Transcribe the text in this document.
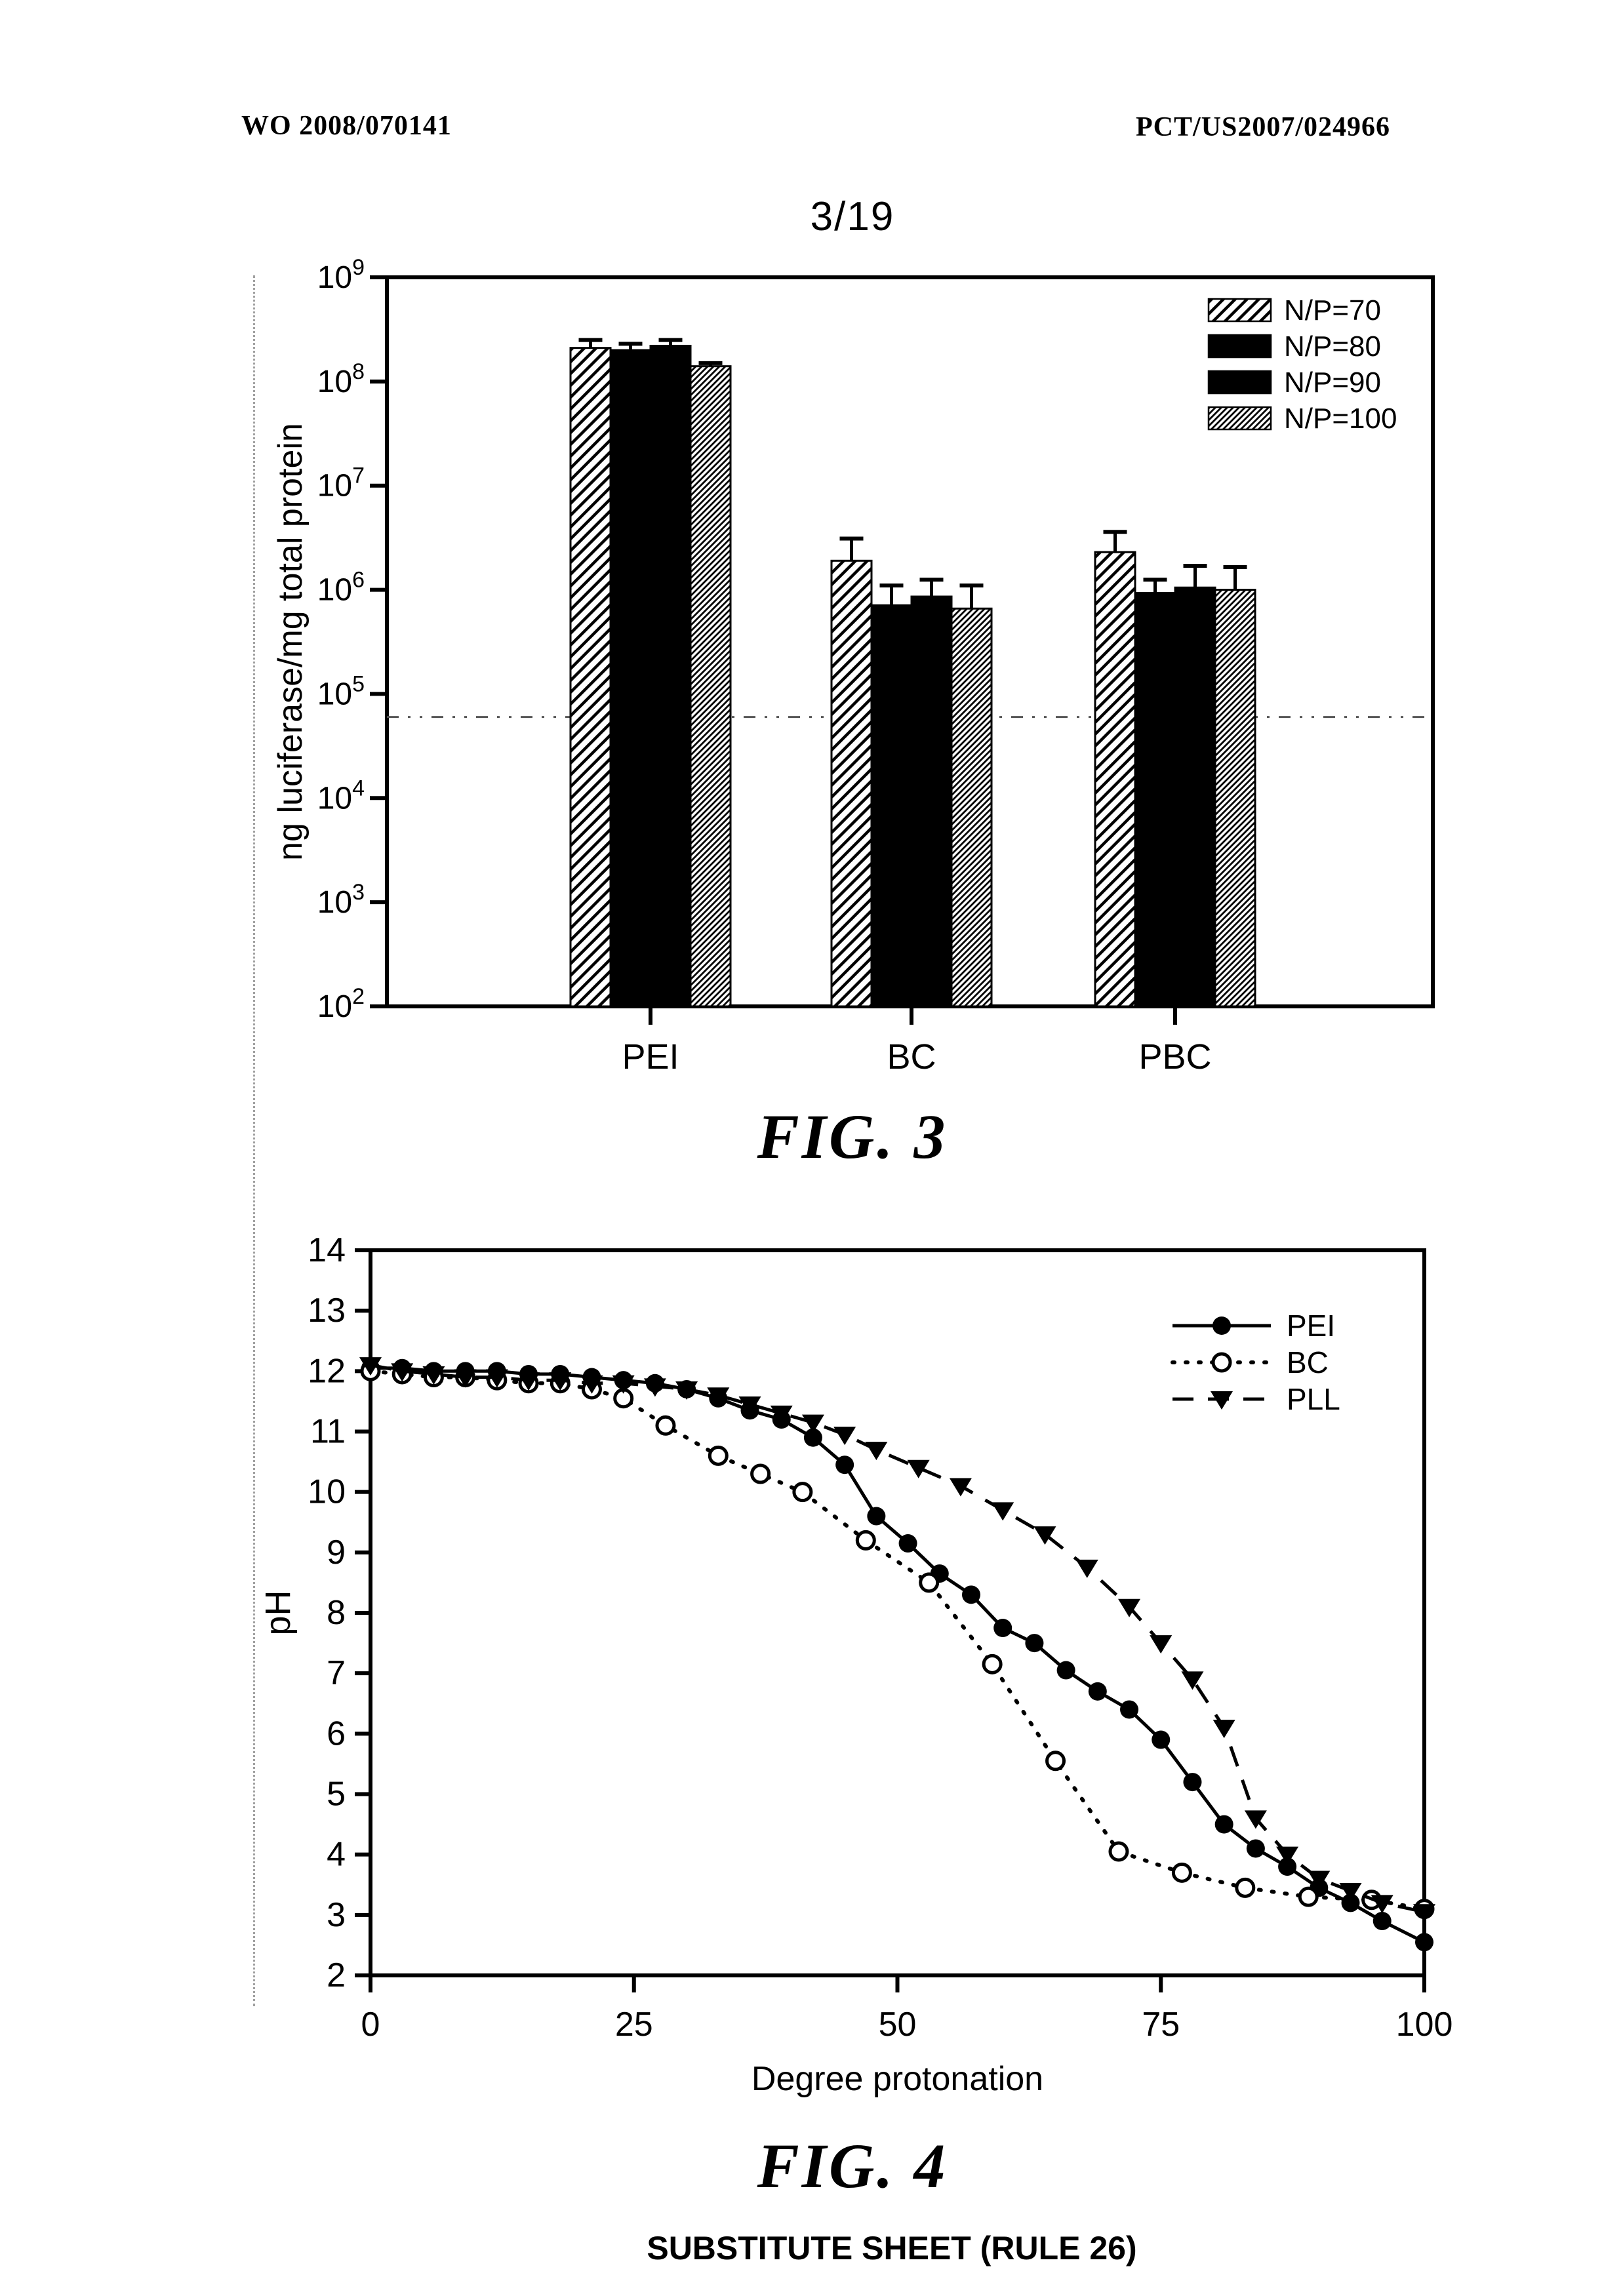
WO 2008/070141	PCT/US2007/024966
3/19
$10^9$
$10^8$
$10^7$
$10^6$
$10^5$
$10^4$
$10^3$
$10^2$
ng luciferase/mg total protein
PEI	BC	PBC
N/P=70
N/P=80
N/P=90
N/P=100
2
3
4
5
6
7
8
9
10
11
12
13
14
pH
0	25	50	75	100
Degree protonation
PEI
BC
PLL
FIG. 3
FIG. 4
SUBSTITUTE SHEET (RULE 26)
